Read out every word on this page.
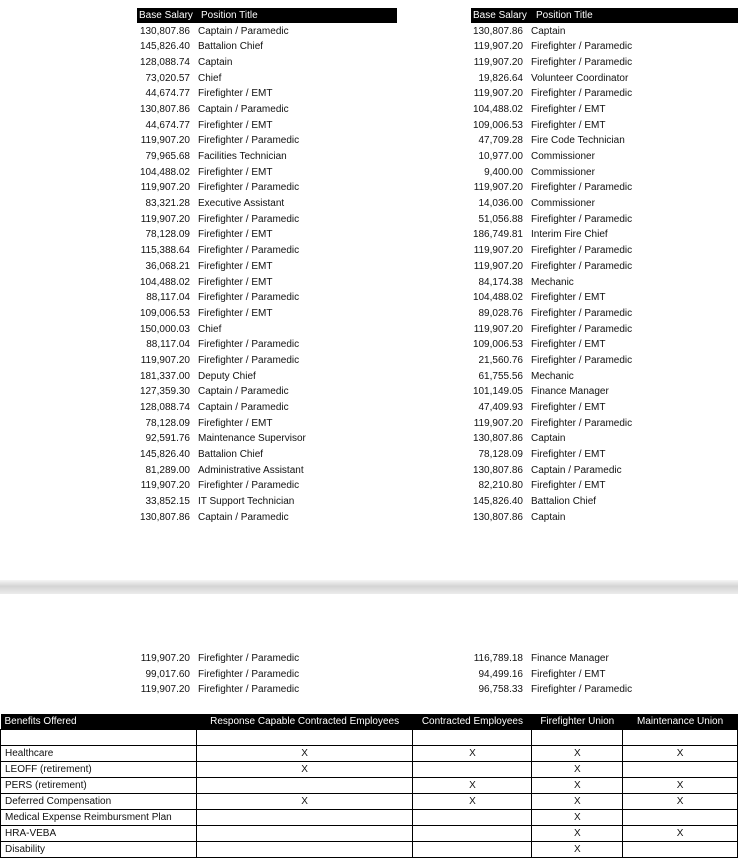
Base Salary Position Title	Base Salary Position Title
130,807.86 Captain / Paramedic
145,826.40 Battalion Chief
128,088.74 Captain
73,020.57 Chief
44,674.77 Firefighter / EMT
130,807.86 Captain / Paramedic
44,674.77 Firefighter / EMT
119,907.20 Firefighter / Paramedic
79,965.68 Facilities Technician
104,488.02 Firefighter / EMT
119,907.20 Firefighter / Paramedic
83,321.28 Executive Assistant
119,907.20 Firefighter / Paramedic
78,128.09 Firefighter / EMT
115,388.64 Firefighter / Paramedic
36,068.21 Firefighter / EMT
104,488.02 Firefighter / EMT
88,117.04 Firefighter / Paramedic
109,006.53 Firefighter / EMT
150,000.03 Chief
88,117.04 Firefighter / Paramedic
119,907.20 Firefighter / Paramedic
181,337.00 Deputy Chief
127,359.30 Captain / Paramedic
128,088.74 Captain / Paramedic
78,128.09 Firefighter / EMT
92,591.76 Maintenance Supervisor
145,826.40 Battalion Chief
81,289.00 Administrative Assistant
119,907.20 Firefighter / Paramedic
33,852.15 IT Support Technician
130,807.86 Captain / Paramedic
130,807.86 Captain
119,907.20 Firefighter / Paramedic
119,907.20 Firefighter / Paramedic
19,826.64 Volunteer Coordinator
119,907.20 Firefighter / Paramedic
104,488.02 Firefighter / EMT
109,006.53 Firefighter / EMT
47,709.28 Fire Code Technician
10,977.00 Commissioner
9,400.00 Commissioner
119,907.20 Firefighter / Paramedic
14,036.00 Commissioner
51,056.88 Firefighter / Paramedic
186,749.81 Interim Fire Chief
119,907.20 Firefighter / Paramedic
119,907.20 Firefighter / Paramedic
84,174.38 Mechanic
104,488.02 Firefighter / EMT
89,028.76 Firefighter / Paramedic
119,907.20 Firefighter / Paramedic
109,006.53 Firefighter / EMT
21,560.76 Firefighter / Paramedic
61,755.56 Mechanic
101,149.05 Finance Manager
47,409.93 Firefighter / EMT
119,907.20 Firefighter / Paramedic
130,807.86 Captain
78,128.09 Firefighter / EMT
130,807.86 Captain / Paramedic
82,210.80 Firefighter / EMT
145,826.40 Battalion Chief
130,807.86 Captain
119,907.20 Firefighter / Paramedic
99,017.60 Firefighter / Paramedic
119,907.20 Firefighter / Paramedic
116,789.18 Finance Manager
94,499.16 Firefighter / EMT
96,758.33 Firefighter / Paramedic
Benefits Offered	Response Capable Contracted Employees	Contracted Employees	Firefighter Union	Maintenance Union

Healthcare	X	X	X	X
LEOFF (retirement)	X		X	
PERS (retirement)		X	X	X
Deferred Compensation	X	X	X	X
Medical Expense Reimbursment Plan			X	
HRA-VEBA			X	X
Disability			X	
